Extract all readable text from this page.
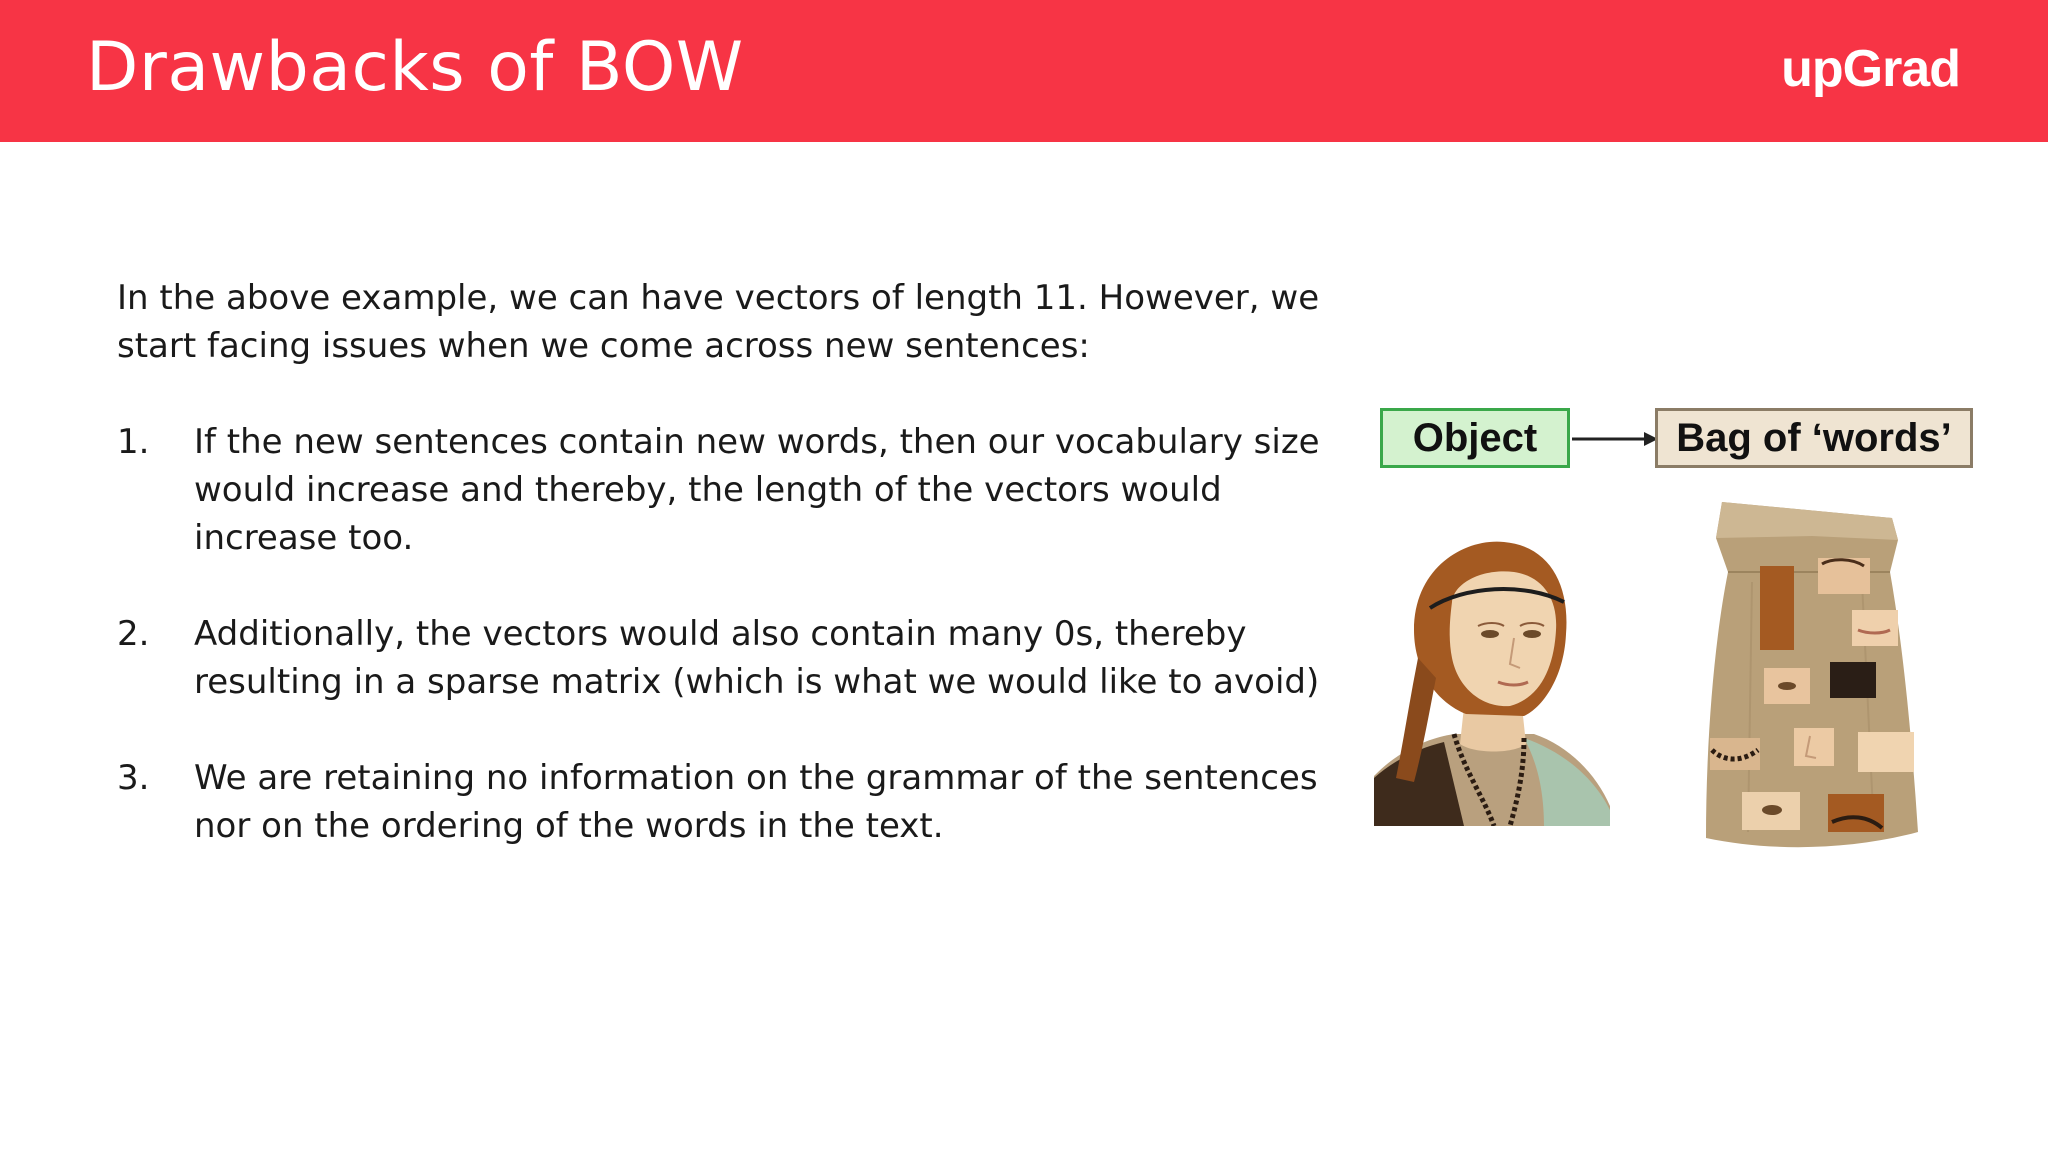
Drawbacks of BOW	upGrad

In the above example, we can have vectors of length 11. However, we start facing issues when we come across new sentences:

1. If the new sentences contain new words, then our vocabulary size would increase and thereby, the length of the vectors would increase too.
2. Additionally, the vectors would also contain many 0s, thereby resulting in a sparse matrix (which is what we would like to avoid)
3. We are retaining no information on the grammar of the sentences nor on the ordering of the words in the text.
Object	Bag of ‘words’
